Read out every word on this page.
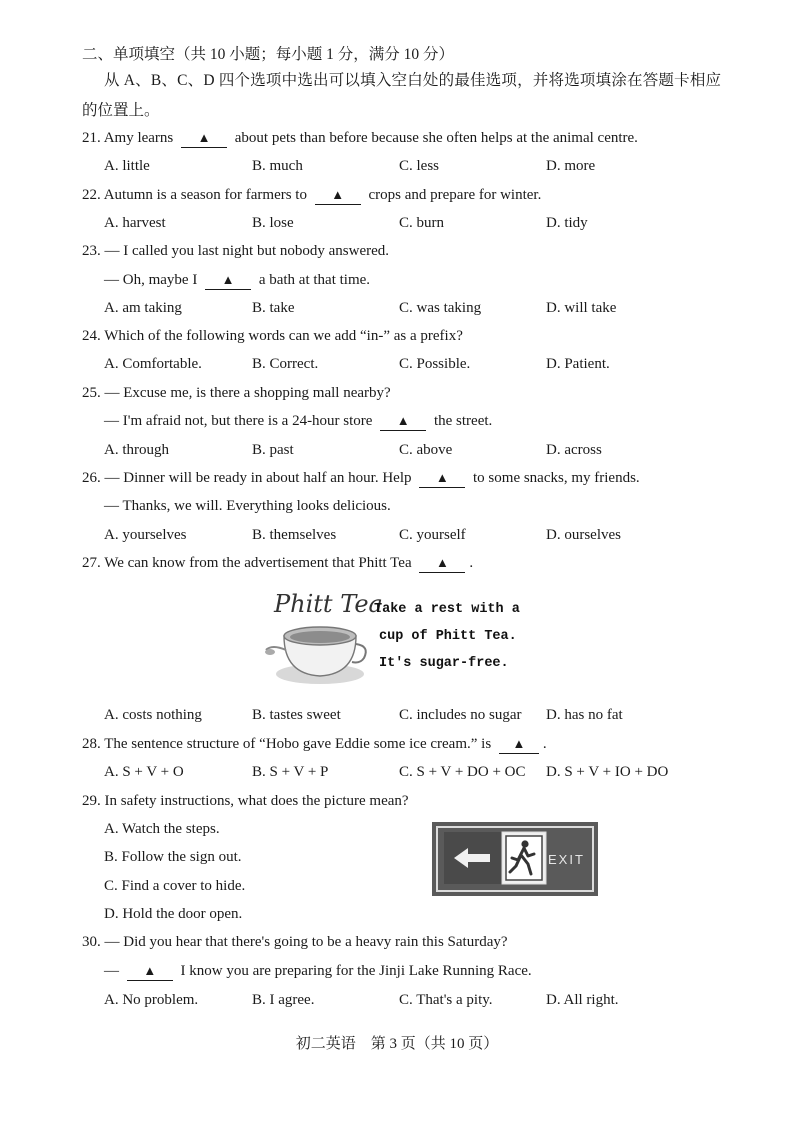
二、单项填空（共 10 小题；每小题 1 分，满分 10 分）
从 A、B、C、D 四个选项中选出可以填入空白处的最佳选项，并将选项填涂在答题卡相应
的位置上。
21. Amy learns ▲ about pets than before because she often helps at the animal centre.
A. little	B. much	C. less	D. more
22. Autumn is a season for farmers to ▲ crops and prepare for winter.
A. harvest	B. lose	C. burn	D. tidy
23. — I called you last night but nobody answered.
— Oh, maybe I ▲ a bath at that time.
A. am taking	B. take	C. was taking	D. will take
24. Which of the following words can we add “in-” as a prefix?
A. Comfortable.	B. Correct.	C. Possible.	D. Patient.
25. — Excuse me, is there a shopping mall nearby?
— I'm afraid not, but there is a 24-hour store ▲ the street.
A. through	B. past	C. above	D. across
26. — Dinner will be ready in about half an hour. Help ▲ to some snacks, my friends.
— Thanks, we will. Everything looks delicious.
A. yourselves	B. themselves	C. yourself	D. ourselves
27. We can know from the advertisement that Phitt Tea ▲ .
Phitt Tea
Take a rest with a
cup of Phitt Tea.
It's sugar-free.
A. costs nothing	B. tastes sweet	C. includes no sugar D. has no fat
28. The sentence structure of “Hobo gave Eddie some ice cream.” is ▲ .
A. S + V + O	B. S + V + P	C. S + V + DO + OC D. S + V + IO + DO
29. In safety instructions, what does the picture mean?
A. Watch the steps.
B. Follow the sign out.
C. Find a cover to hide.
D. Hold the door open.
EXIT
30. — Did you hear that there's going to be a heavy rain this Saturday?
— ▲ I know you are preparing for the Jinji Lake Running Race.
A. No problem.	B. I agree.	C. That's a pity.	D. All right.
初二英语　第 3 页（共 10 页）
